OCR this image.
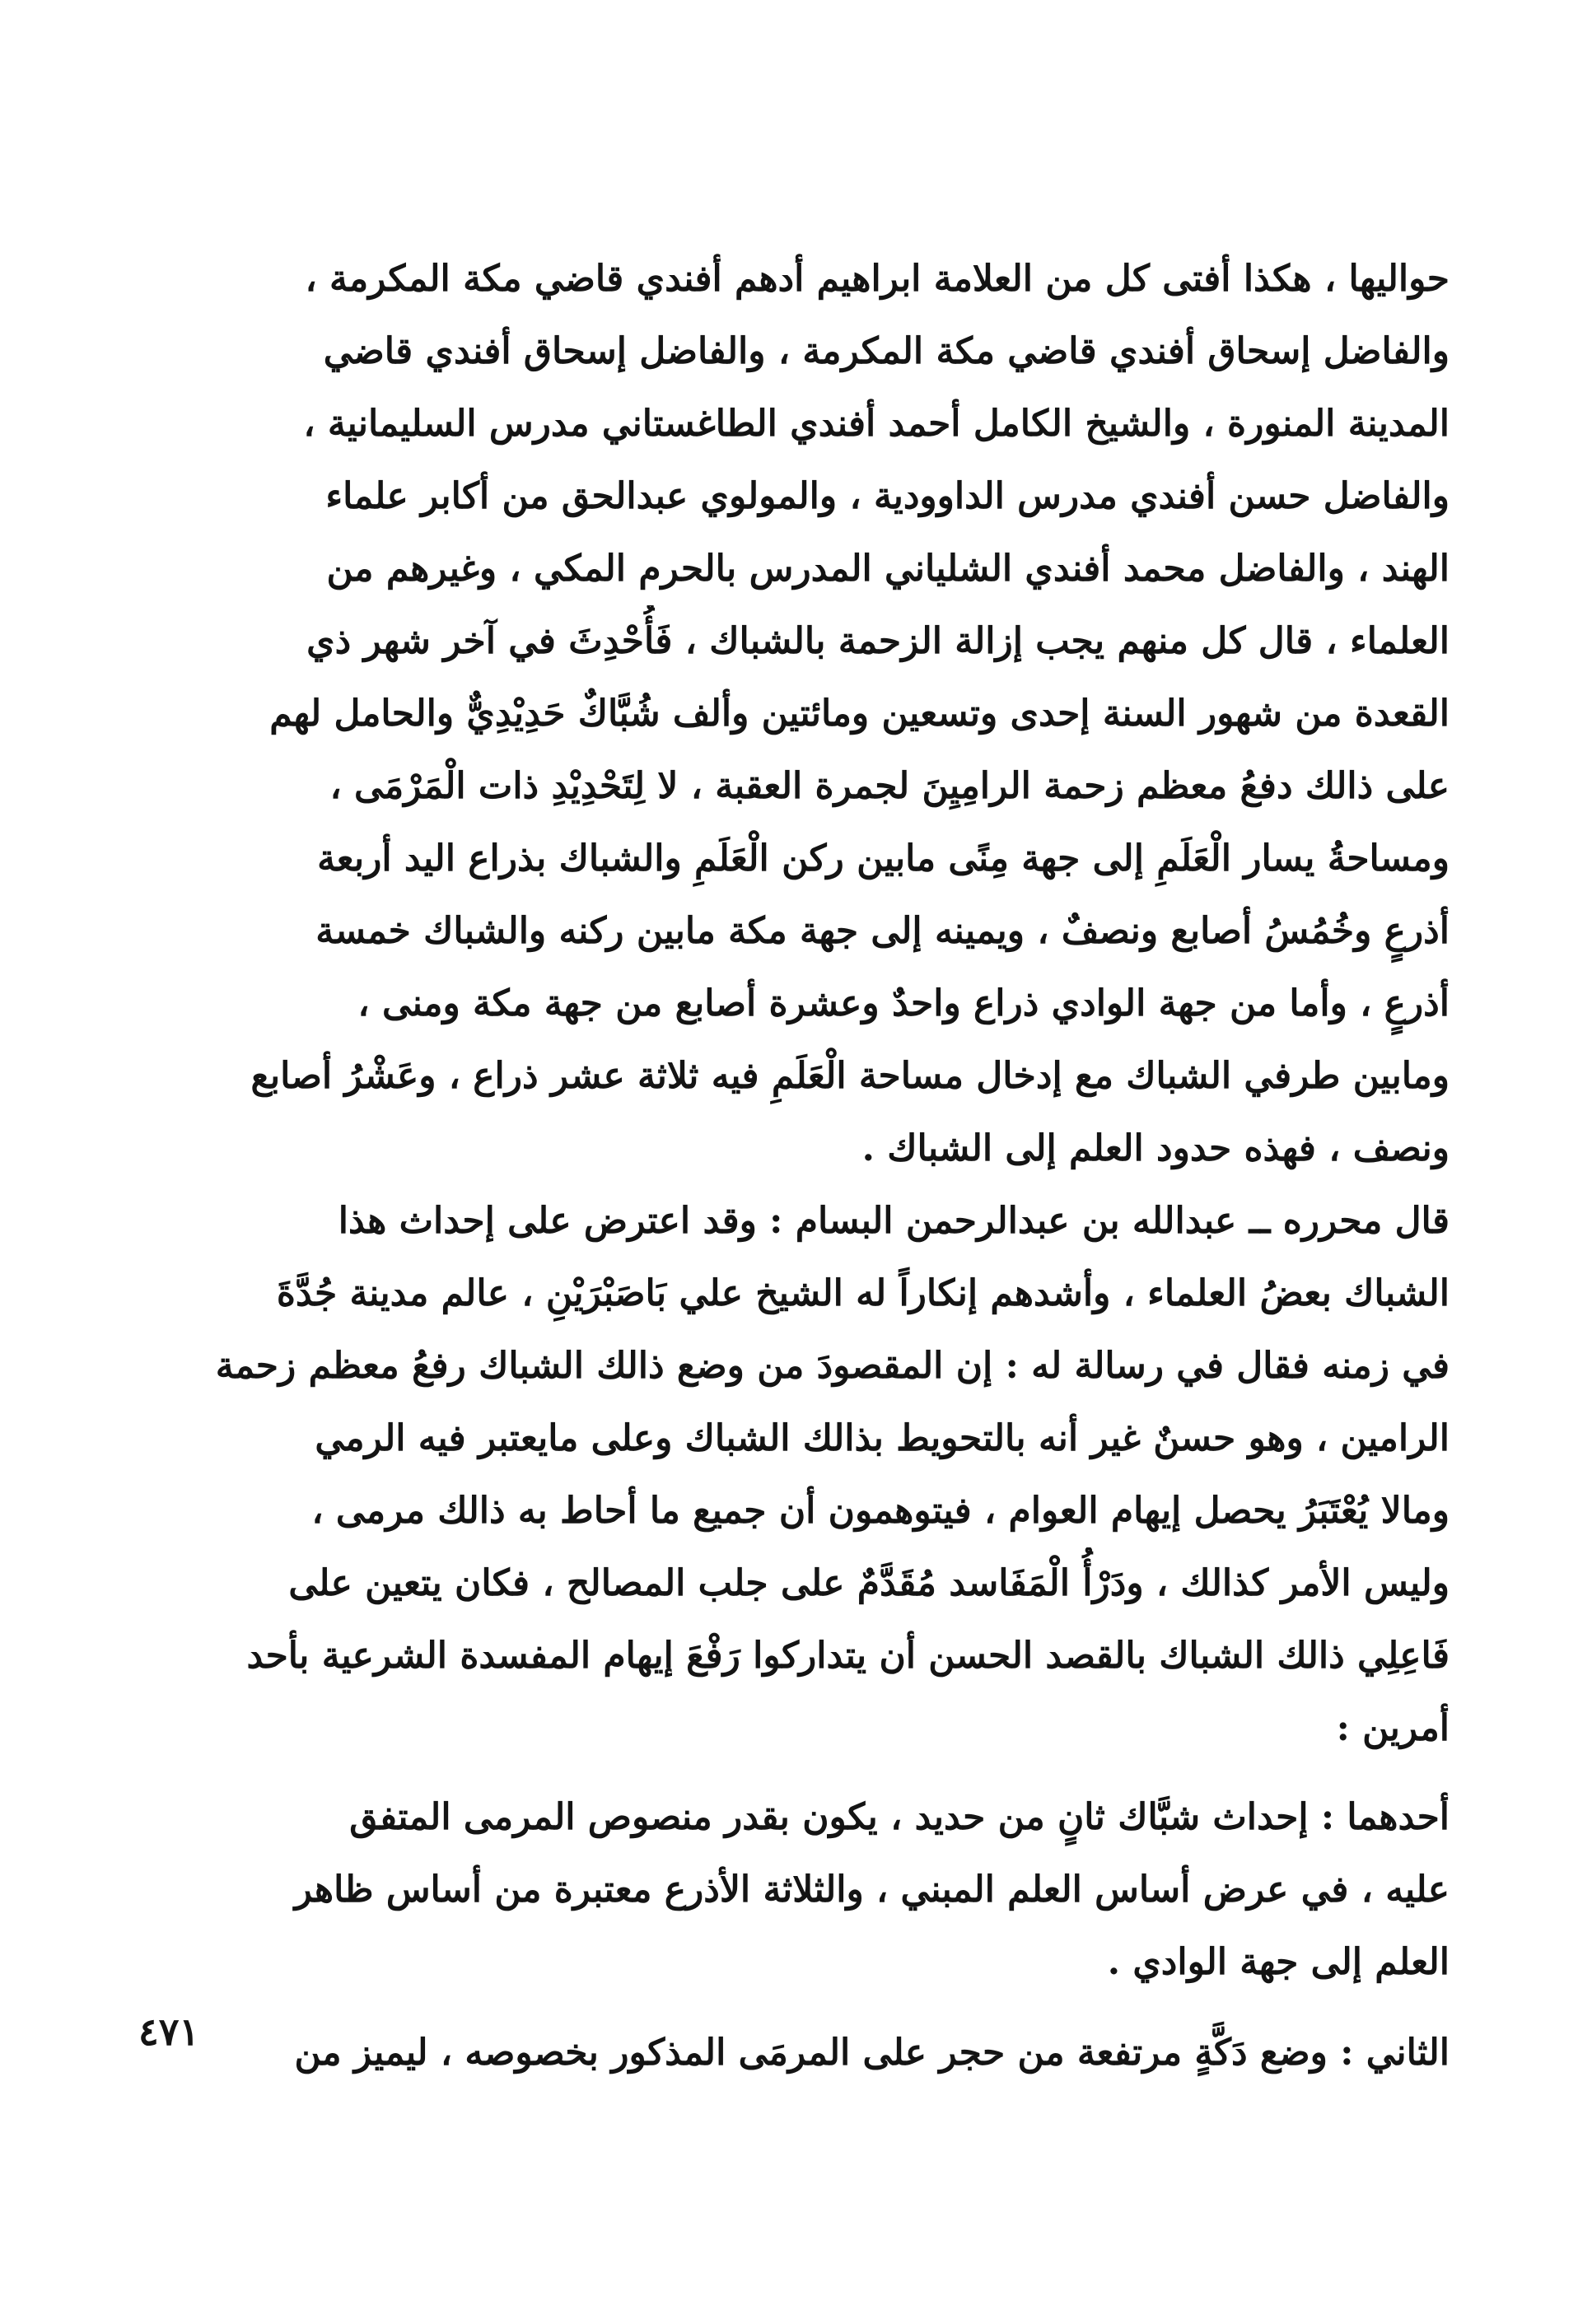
حواليها ، هكذا أفتى كل من العلامة ابراهيم أدهم أفندي قاضي مكة المكرمة ،
والفاضل إسحاق أفندي قاضي مكة المكرمة ، والفاضل إسحاق أفندي قاضي
المدينة المنورة ، والشيخ الكامل أحمد أفندي الطاغستاني مدرس السليمانية ،
والفاضل حسن أفندي مدرس الداوودية ، والمولوي عبدالحق من أكابر علماء
الهند ، والفاضل محمد أفندي الشلياني المدرس بالحرم المكي ، وغيرهم من
العلماء ، قال كل منهم يجب إزالة الزحمة بالشباك ، فَأُحْدِثَ في آخر شهر ذي
القعدة من شهور السنة إحدى وتسعين ومائتين وألف شُبَّاكٌ حَدِيْدِيٌّ والحامل لهم
على ذالك دفعُ معظم زحمة الرامِيِنَ لجمرة العقبة ، لا لِتَحْدِيْدِ ذات الْمَرْمَى ،
ومساحةُ يسار الْعَلَمِ إلى جهة مِنًى مابين ركن الْعَلَمِ والشباك بذراع اليد أربعة
أذرعٍ وخُمُسُ أصابع ونصفٌ ، ويمينه إلى جهة مكة مابين ركنه والشباك خمسة
أذرعٍ ، وأما من جهة الوادي ذراع واحدٌ وعشرة أصابع من جهة مكة ومنى ،
ومابين طرفي الشباك مع إدخال مساحة الْعَلَمِ فيه ثلاثة عشر ذراع ، وعَشْرُ أصابع
ونصف ، فهذه حدود العلم إلى الشباك .
قال محرره ــ عبدالله بن عبدالرحمن البسام : وقد اعترض على إحداث هذا
الشباك بعضُ العلماء ، وأشدهم إنكاراً له الشيخ علي بَاصَبْرَيْنِ ، عالم مدينة جُدَّةَ
في زمنه فقال في رسالة له : إن المقصودَ من وضع ذالك الشباك رفعُ معظم زحمة
الرامين ، وهو حسنٌ غير أنه بالتحويط بذالك الشباك وعلى مايعتبر فيه الرمي
ومالا يُعْتَبَرُ يحصل إيهام العوام ، فيتوهمون أن جميع ما أحاط به ذالك مرمى ،
وليس الأمر كذالك ، ودَرْأُ الْمَفَاسد مُقَدَّمٌ على جلب المصالح ، فكان يتعين على
فَاعِلِي ذالك الشباك بالقصد الحسن أن يتداركوا رَفْعَ إيهام المفسدة الشرعية بأحد
أمرين :
أحدهما : إحداث شبَّاك ثانٍ من حديد ، يكون بقدر منصوص المرمى المتفق
عليه ، في عرض أساس العلم المبني ، والثلاثة الأذرع معتبرة من أساس ظاهر
العلم إلى جهة الوادي .
الثاني : وضع دَكَّةٍ مرتفعة من حجر على المرمَى المذكور بخصوصه ، ليميز من
٤٧١
